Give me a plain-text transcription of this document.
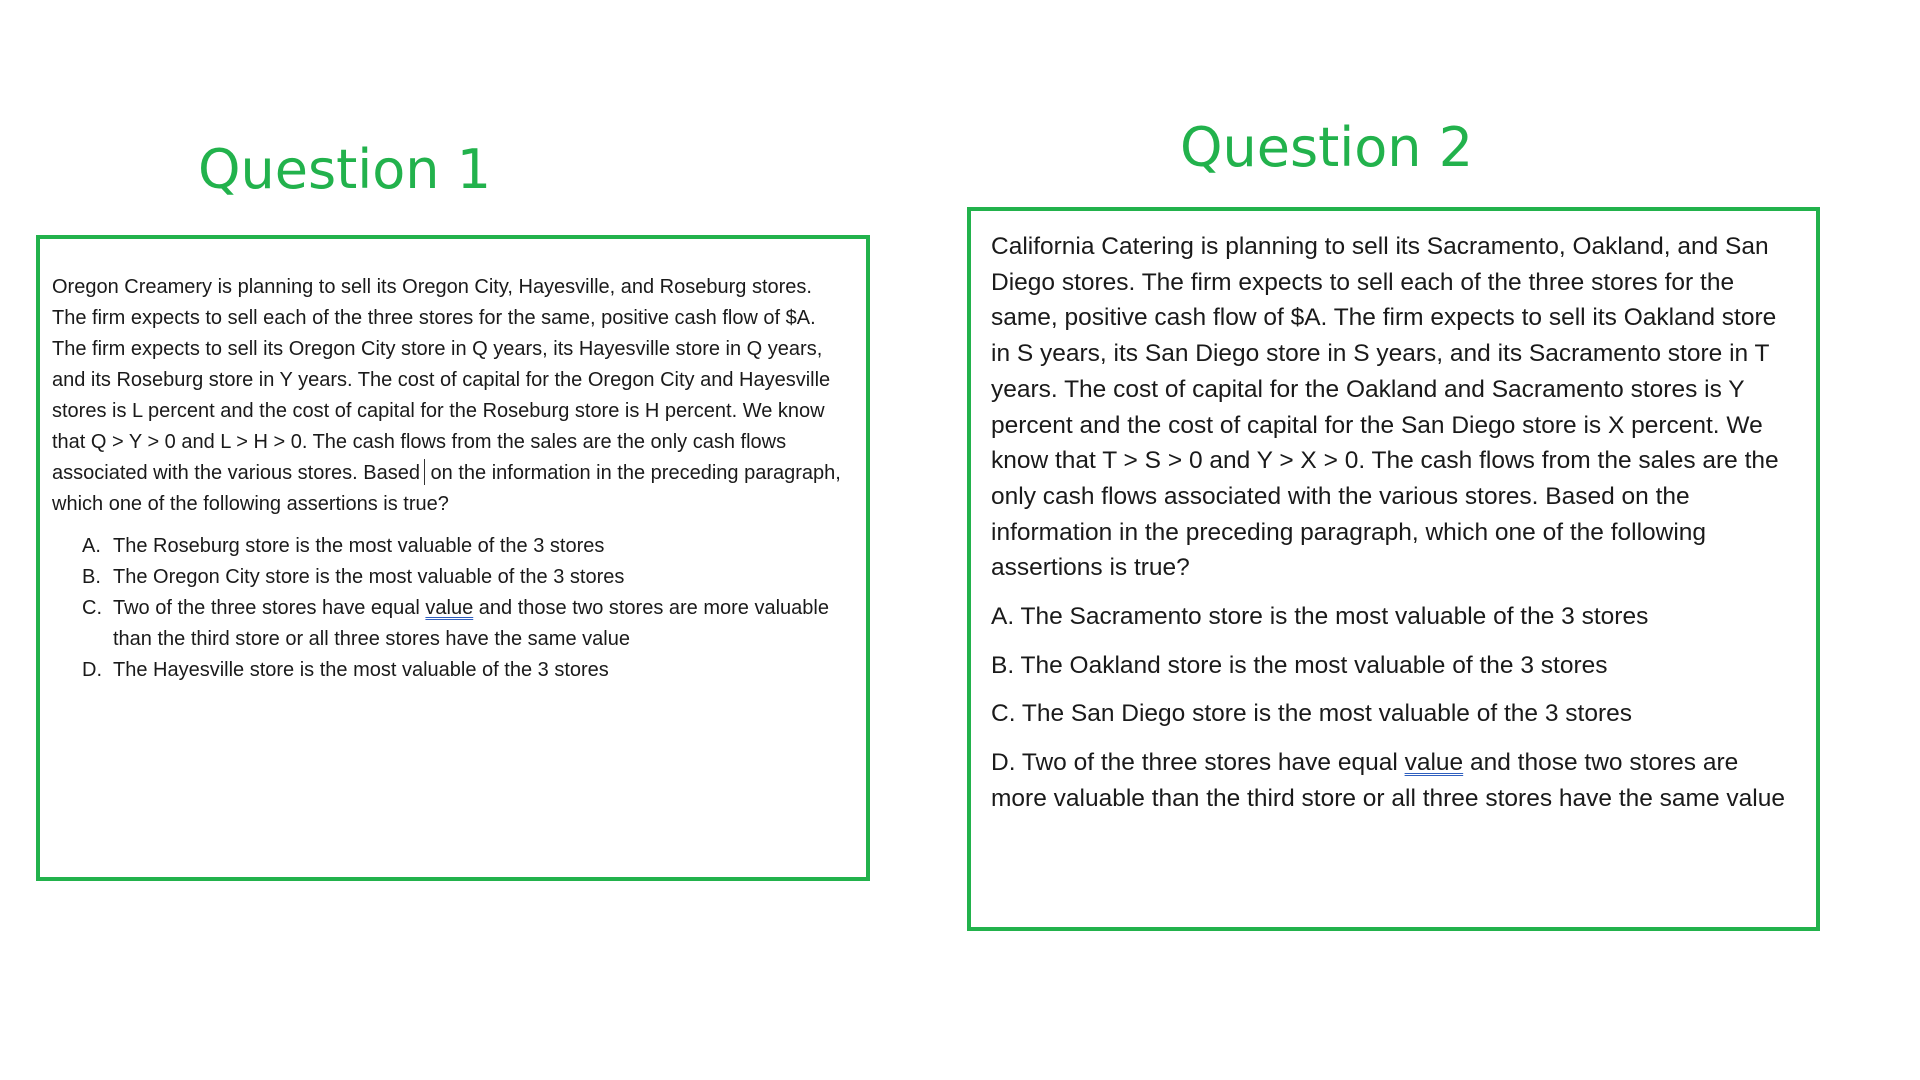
Question 1	Question 2

Oregon Creamery is planning to sell its Oregon City, Hayesville, and Roseburg stores. The firm expects to sell each of the three stores for the same, positive cash flow of $A. The firm expects to sell its Oregon City store in Q years, its Hayesville store in Q years, and its Roseburg store in Y years. The cost of capital for the Oregon City and Hayesville stores is L percent and the cost of capital for the Roseburg store is H percent. We know that Q > Y > 0 and L > H > 0. The cash flows from the sales are the only cash flows associated with the various stores. Based on the information in the preceding paragraph, which one of the following assertions is true?

A. The Roseburg store is the most valuable of the 3 stores
B. The Oregon City store is the most valuable of the 3 stores
C. Two of the three stores have equal value and those two stores are more valuable than the third store or all three stores have the same value
D. The Hayesville store is the most valuable of the 3 stores

California Catering is planning to sell its Sacramento, Oakland, and San Diego stores. The firm expects to sell each of the three stores for the same, positive cash flow of $A. The firm expects to sell its Oakland store in S years, its San Diego store in S years, and its Sacramento store in T years. The cost of capital for the Oakland and Sacramento stores is Y percent and the cost of capital for the San Diego store is X percent. We know that T > S > 0 and Y > X > 0. The cash flows from the sales are the only cash flows associated with the various stores. Based on the information in the preceding paragraph, which one of the following assertions is true?

A. The Sacramento store is the most valuable of the 3 stores
B. The Oakland store is the most valuable of the 3 stores
C. The San Diego store is the most valuable of the 3 stores
D. Two of the three stores have equal value and those two stores are more valuable than the third store or all three stores have the same value
